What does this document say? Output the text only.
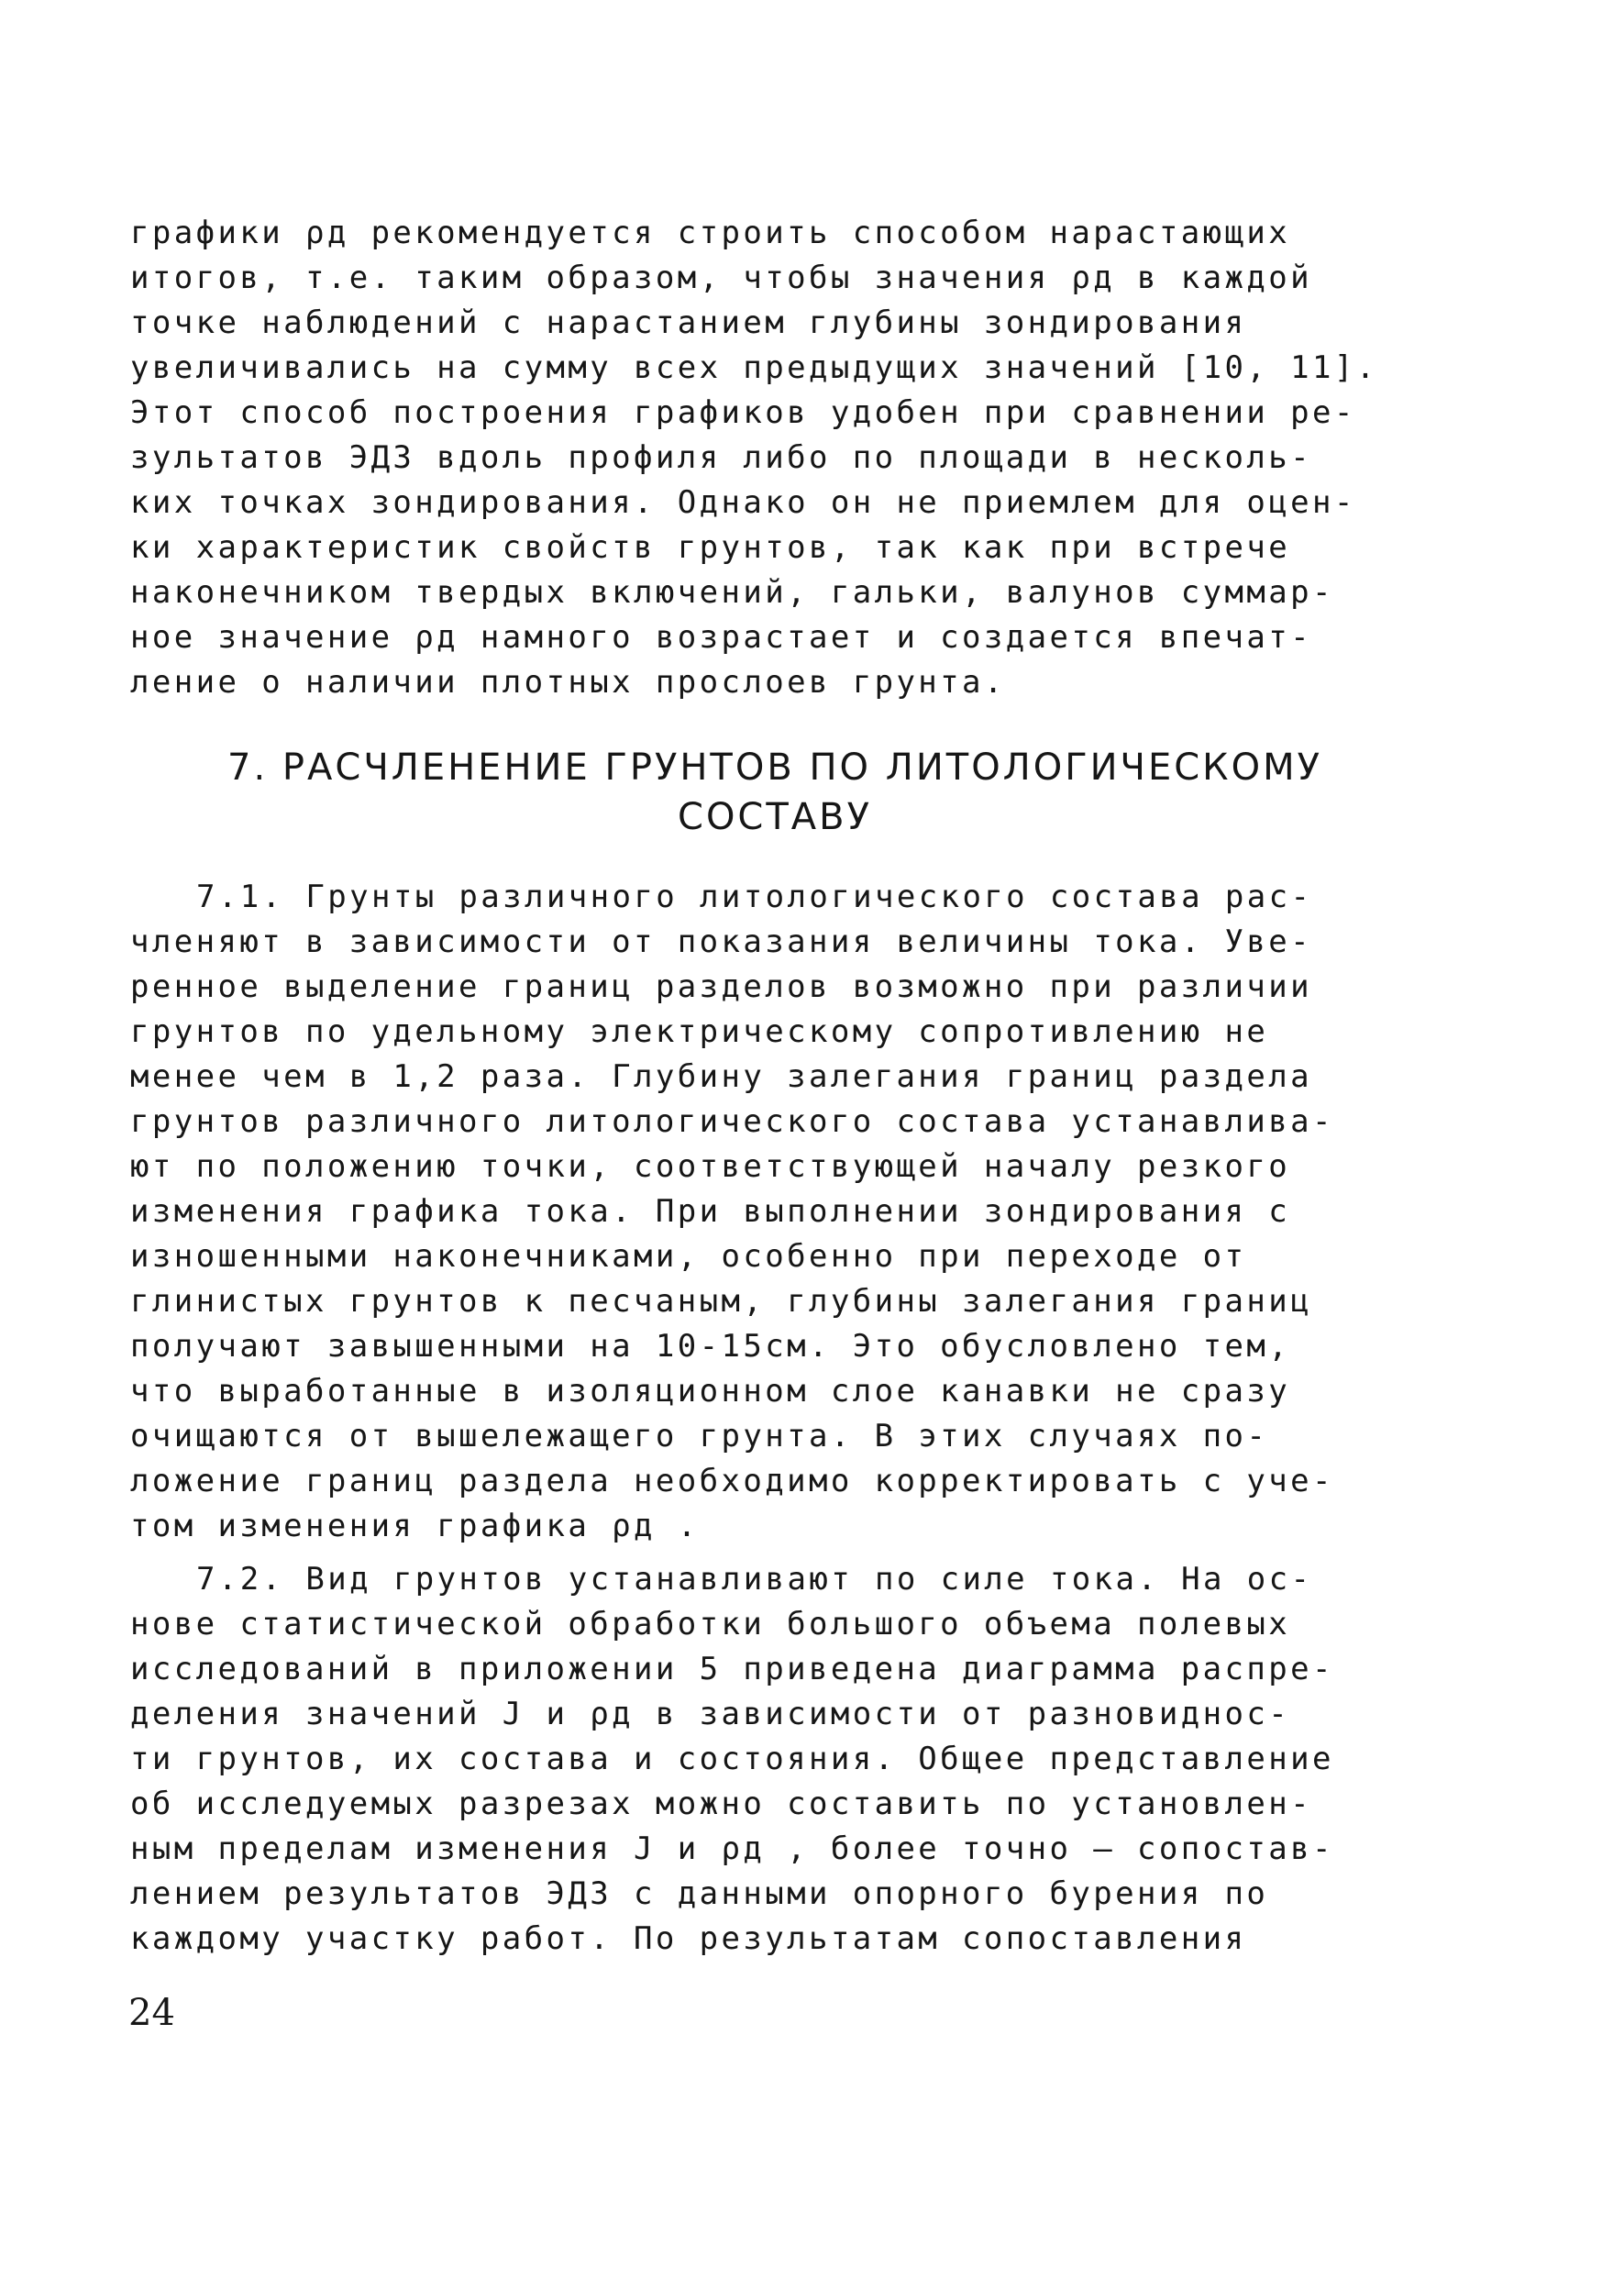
графики ρд рекомендуется строить способом нарастающих
итогов, т.е. таким образом, чтобы значения ρд в каждой
точке наблюдений с нарастанием глубины зондирования
увеличивались на сумму всех предыдущих значений [10, 11].
Этот способ построения графиков удобен при сравнении ре-
зультатов ЭДЗ вдоль профиля либо по площади в несколь-
ких точках зондирования. Однако он не приемлем для оцен-
ки характеристик свойств грунтов, так как при встрече
наконечником твердых включений, гальки, валунов суммар-
ное значение ρд намного возрастает и создается впечат-
ление о наличии плотных прослоев грунта.
7. РАСЧЛЕНЕНИЕ ГРУНТОВ ПО ЛИТОЛОГИЧЕСКОМУ
СОСТАВУ
7.1. Грунты различного литологического состава рас-
члeняют в зависимости от показания величины тока. Уве-
ренное выделение границ разделов возможно при различии
грунтов по удельному электрическому сопротивлению не
менее чем в 1,2 раза. Глубину залегания границ раздела
грунтов различного литологического состава устанавлива-
ют по положению точки, соответствующей началу резкого
изменения графика тока. При выполнении зондирования с
изношенными наконечниками, особенно при переходе от
глинистых грунтов к песчаным, глубины залегания границ
получают завышенными на 10-15см. Это обусловлено тем,
что выработанные в изоляционном слое канавки не сразу
очищаются от вышележащего грунта. В этих случаях по-
ложение границ раздела необходимо корректировать с уче-
том изменения графика ρд .
7.2. Вид грунтов устанавливают по силе тока. На ос-
нове статистической обработки большого объема полевых
исследований в приложении 5 приведена диаграмма распре-
деления значений J и ρд в зависимости от разновиднос-
ти грунтов, их состава и состояния. Общее представление
об исследуемых разрезах можно составить по установлен-
ным пределам изменения J и ρд , более точно – сопостав-
лением результатов ЭДЗ с данными опорного бурения по
каждому участку работ. По результатам сопоставления
24
